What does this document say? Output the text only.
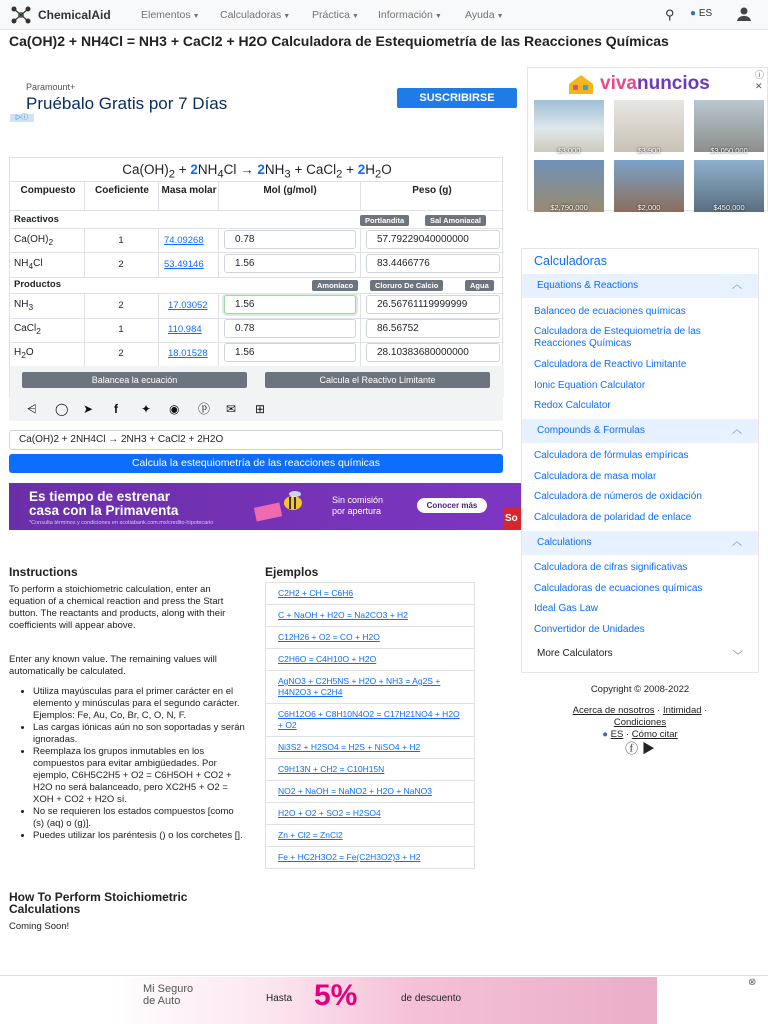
ChemicalAid	Elementos ▼ Calculadoras ▼ Práctica ▼ Información ▼ Ayuda ▼	⚲ ● ES
Ca(OH)2 + NH4Cl = NH3 + CaCl2 + H2O Calculadora de Estequiometría de las Reacciones Químicas
Paramount+
Pruébalo Gratis por 7 Días	SUSCRIBIRSE
▷ⓘ
vivanuncios	ⓘ ✕
$3,000	$3,900	$3,050,000
$2,790,000	$2,000	$450,000
$Ca(OH)_2 + 2NH_4Cl \to 2NH_3$ + CaCl$_2$ + $2H_2O$
Compuesto	Coeficiente	Masa molar	Mol (g/mol)	Peso (g)
Reactivos	Portlandita	Sal Amoniacal
$Ca(OH)_2$	1	74.09268	0.78	57.79229040000000
$NH_4Cl$	2	53.49146	1.56	83.4466776
Productos	Amoníaco	Cloruro De Calcio	Agua
$NH_3$	2	17.03052	1.56	26.56761119999999
CaCl$_2$	1	110.984	0.78	86.56752
$H_2O$	2	18.01528	1.56	28.10383680000000
Balancea la ecuación	Calcula el Reactivo Limitante
⩤ ◯ ➤ f ✦ ◉ ⓟ ✉ ⊞
Ca(OH)2 + 2NH4Cl → 2NH3 + CaCl2 + 2H2O
Calcula la estequiometría de las reacciones químicas
Es tiempo de estrenar
casa con la Primaventa
Sin comisión
por apertura
Conocer más
So
*Consulta términos y condiciones en scotiabank.com.mx/credito-hipotecario
Calculadoras
Equations & Reactions	︿
Balanceo de ecuaciones químicas
Calculadora de Estequiometría de las Reacciones Químicas
Calculadora de Reactivo Limitante
Ionic Equation Calculator
Redox Calculator
Compounds & Formulas	︿
Calculadora de fórmulas empíricas
Calculadora de masa molar
Calculadora de números de oxidación
Calculadora de polaridad de enlace
Calculations	︿
Calculadora de cifras significativas
Calculadoras de ecuaciones químicas
Ideal Gas Law
Convertidor de Unidades
More Calculators	﹀
Instructions
To perform a stoichiometric calculation, enter an equation of a chemical reaction and press the Start button. The reactants and products, along with their coefficients will appear above.
Enter any known value. The remaining values will automatically be calculated.
• Utiliza mayúsculas para el primer carácter en el elemento y minúsculas para el segundo carácter. Ejemplos: Fe, Au, Co, Br, C, O, N, F.
• Las cargas iónicas aún no son soportadas y serán ignoradas.
• Reemplaza los grupos inmutables en los compuestos para evitar ambigüedades. Por ejemplo, C6H5C2H5 + O2 = C6H5OH + CO2 + H2O no será balanceado, pero XC2H5 + O2 = XOH + CO2 + H2O sí.
• No se requieren los estados compuestos [como (s) (aq) o (g)].
• Puedes utilizar los paréntesis () o los corchetes [].
How To Perform Stoichiometric Calculations
Coming Soon!
Ejemplos
C2H2 + CH = C6H6
C + NaOH + H2O = Na2CO3 + H2
C12H26 + O2 = CO + H2O
C2H6O = C4H10O + H2O
AgNO3 + C2H5NS + H2O + NH3 = Ag2S + H4N2O3 + C2H4
C6H12O6 + C8H10N4O2 = C17H21NO4 + H2O + O2
Ni3S2 + H2SO4 = H2S + NiSO4 + H2
C9H13N + CH2 = C10H15N
NO2 + NaOH = NaNO2 + H2O + NaNO3
H2O + O2 + SO2 = H2SO4
Zn + Cl2 = ZnCl2
Fe + HC2H3O2 = Fe(C2H3O2)3 + H2
Copyright © 2008-2022
Acerca de nosotros · Intimidad ·
Condiciones
● ES · Cómo citar
ⓕ ▶
Mi Seguro
de Auto	Hasta 5%	de descuento
⊗
